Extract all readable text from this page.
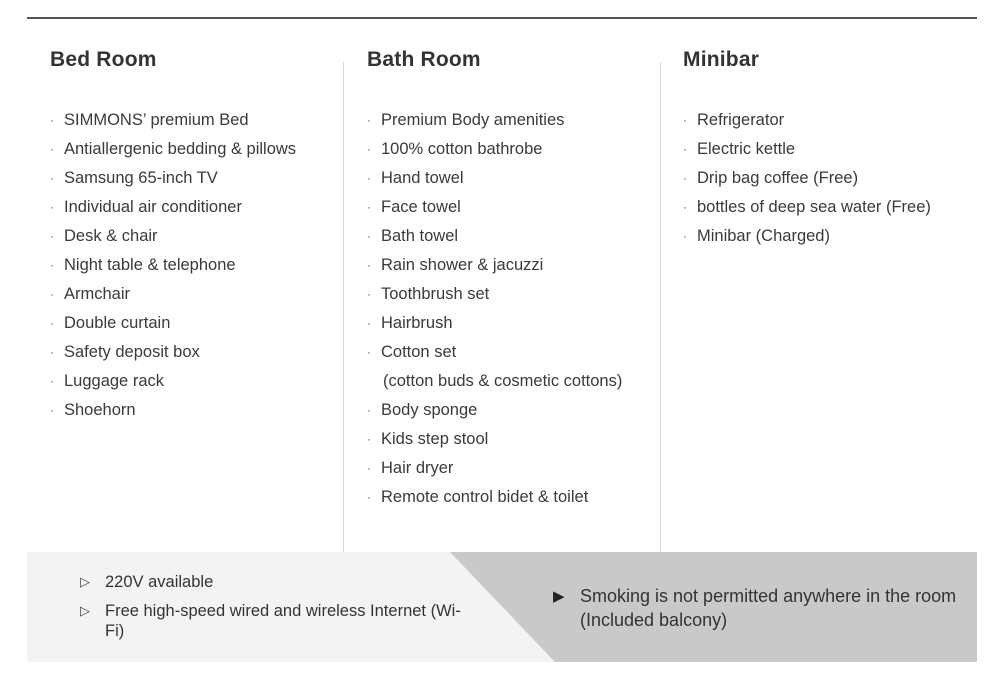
Bed Room
· SIMMONS’ premium Bed
· Antiallergenic bedding & pillows
· Samsung 65-inch TV
· Individual air conditioner
· Desk & chair
· Night table & telephone
· Armchair
· Double curtain
· Safety deposit box
· Luggage rack
· Shoehorn
Bath Room
· Premium Body amenities
· 100% cotton bathrobe
· Hand towel
· Face towel
· Bath towel
· Rain shower & jacuzzi
· Toothbrush set
· Hairbrush
· Cotton set
(cotton buds & cosmetic cottons)
· Body sponge
· Kids step stool
· Hair dryer
· Remote control bidet & toilet
Minibar
· Refrigerator
· Electric kettle
· Drip bag coffee (Free)
· bottles of deep sea water (Free)
· Minibar (Charged)
▷ 220V available
▷ Free high-speed wired and wireless Internet (Wi-Fi)
▶ Smoking is not permitted anywhere in the room (Included balcony)
